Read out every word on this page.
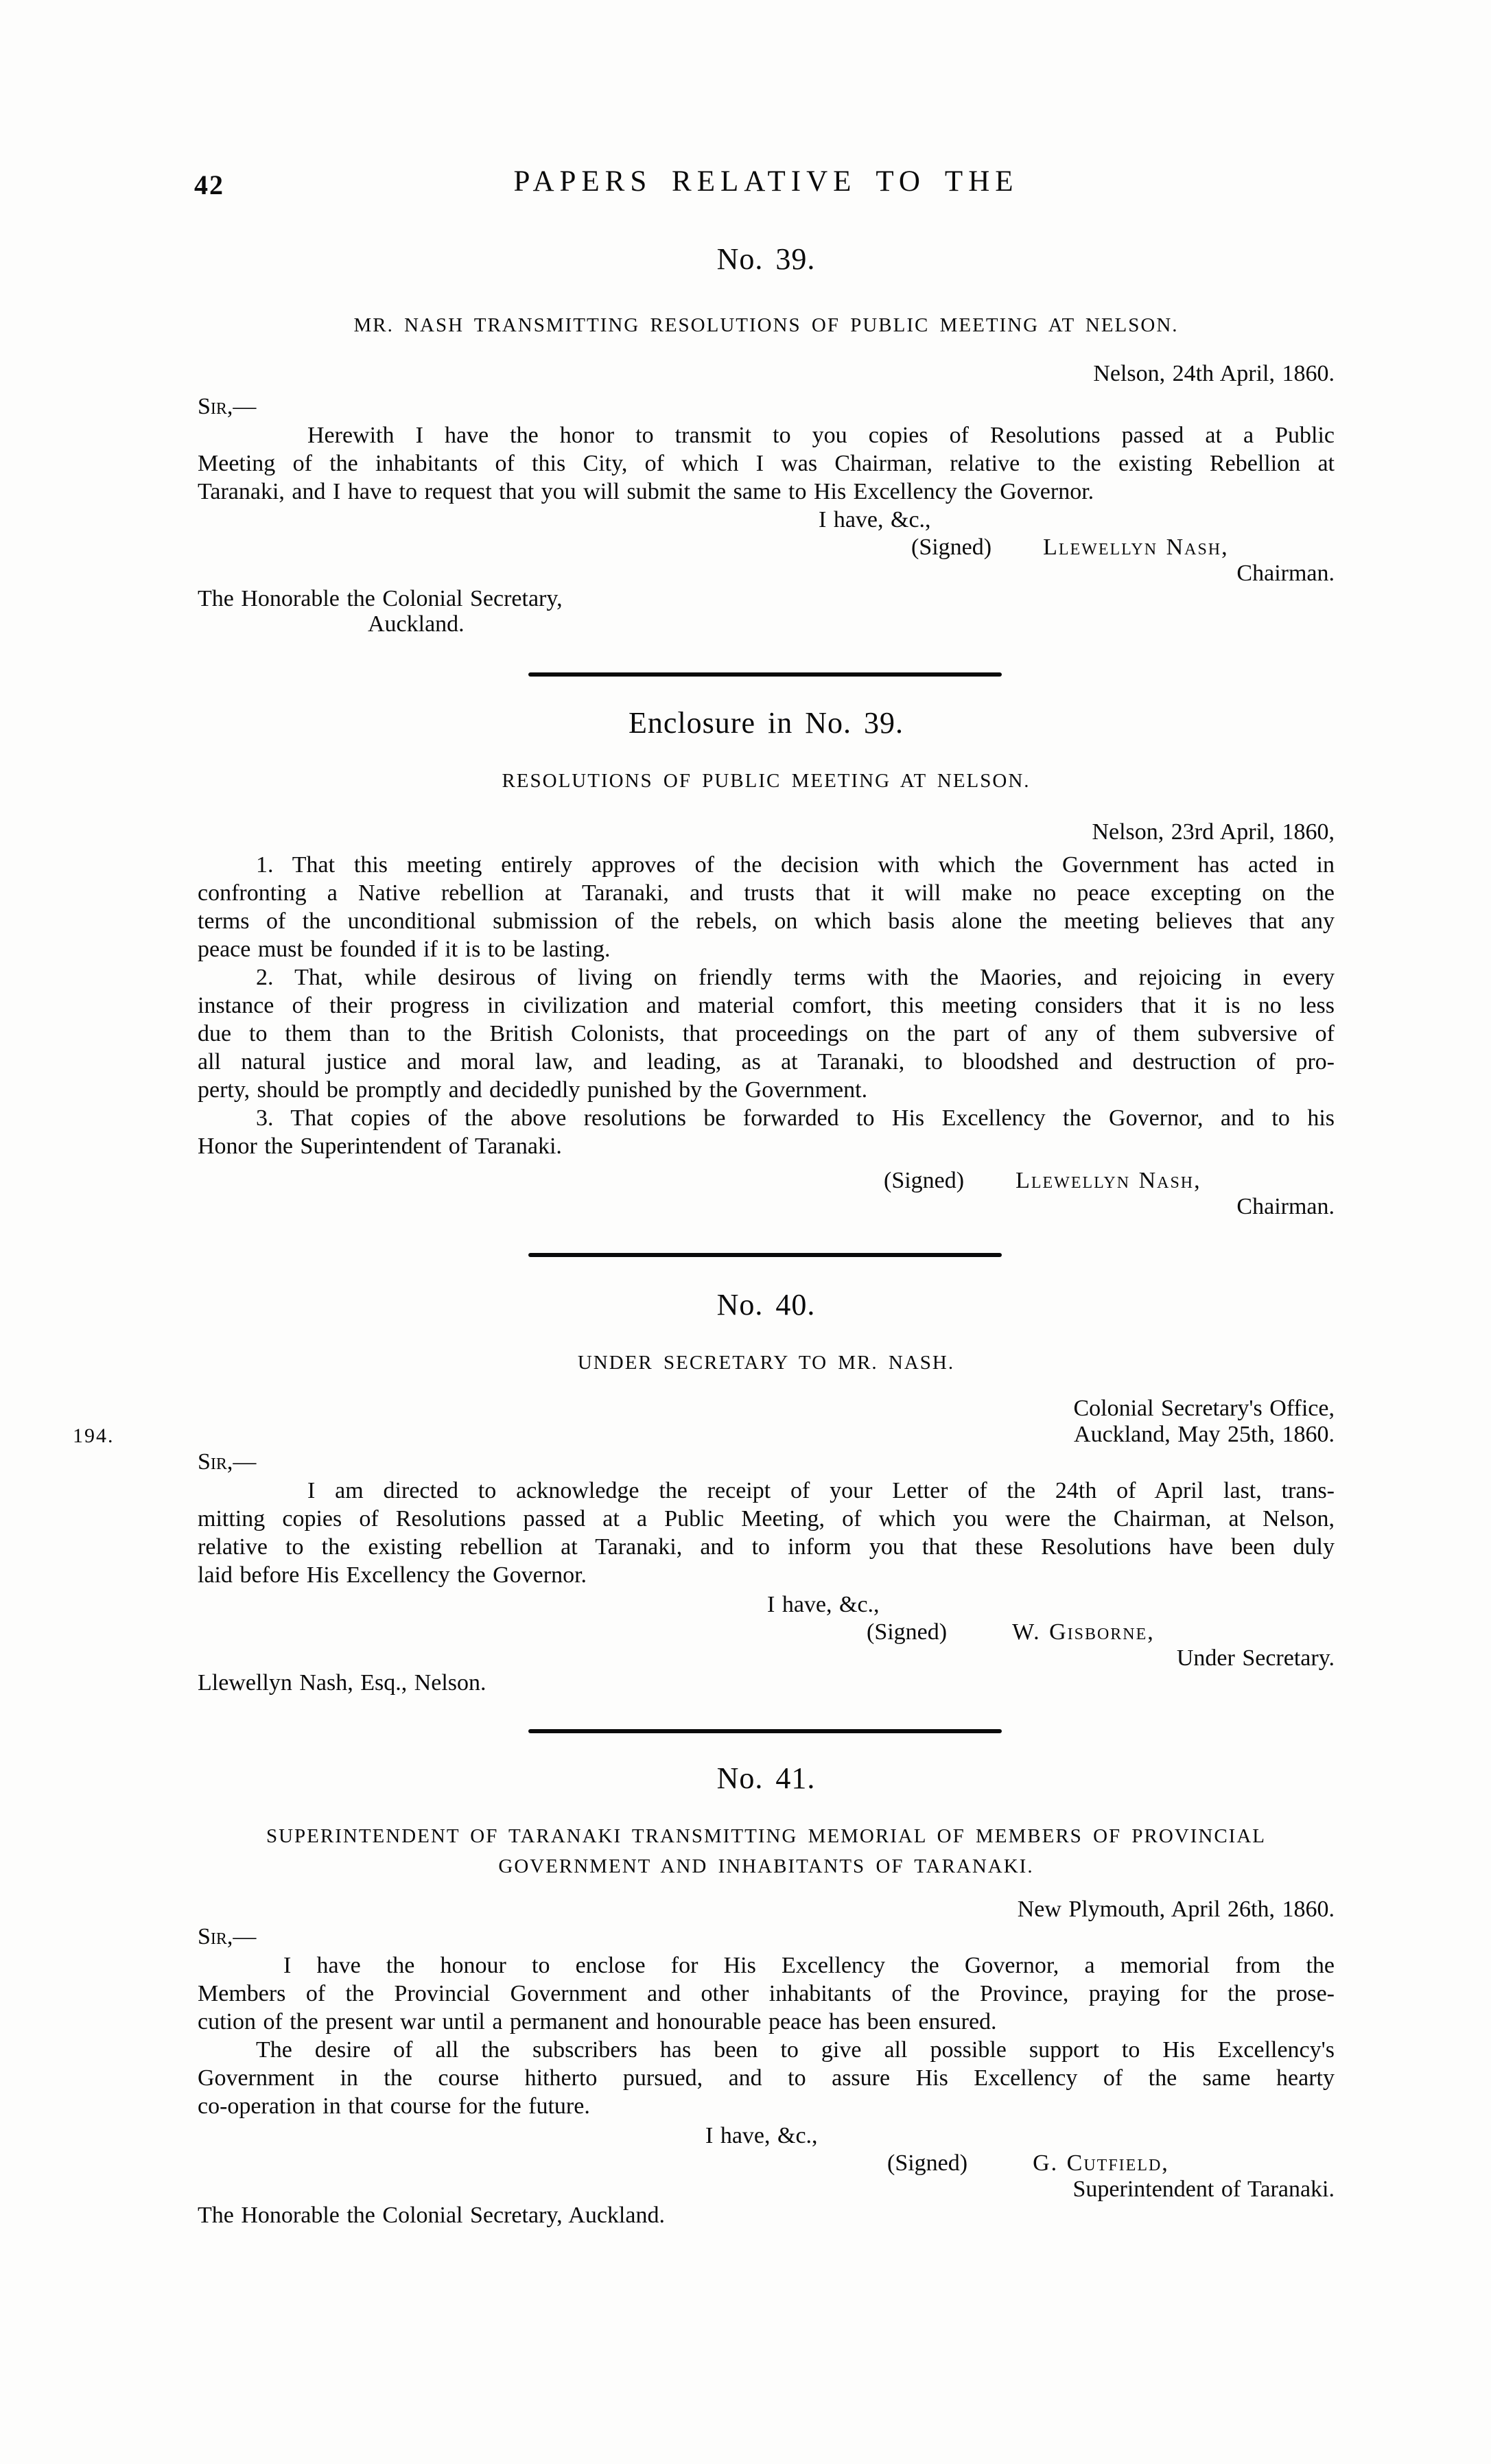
42	PAPERS RELATIVE TO THE
No. 39.
MR. NASH TRANSMITTING RESOLUTIONS OF PUBLIC MEETING AT NELSON.
Nelson, 24th April, 1860.
Sir,—
Herewith I have the honor to transmit to you copies of Resolutions passed at a Public
Meeting of the inhabitants of this City, of which I was Chairman, relative to the existing Rebellion at
Taranaki, and I have to request that you will submit the same to His Excellency the Governor.
I have, &c.,
(Signed) Llewellyn Nash,
Chairman.
The Honorable the Colonial Secretary,
Auckland.
Enclosure in No. 39.
RESOLUTIONS OF PUBLIC MEETING AT NELSON.
Nelson, 23rd April, 1860,
1. That this meeting entirely approves of the decision with which the Government has acted in
confronting a Native rebellion at Taranaki, and trusts that it will make no peace excepting on the
terms of the unconditional submission of the rebels, on which basis alone the meeting believes that any
peace must be founded if it is to be lasting.
2. That, while desirous of living on friendly terms with the Maories, and rejoicing in every
instance of their progress in civilization and material comfort, this meeting considers that it is no less
due to them than to the British Colonists, that proceedings on the part of any of them subversive of
all natural justice and moral law, and leading, as at Taranaki, to bloodshed and destruction of pro-
perty, should be promptly and decidedly punished by the Government.
3. That copies of the above resolutions be forwarded to His Excellency the Governor, and to his
Honor the Superintendent of Taranaki.
(Signed) Llewellyn Nash,
Chairman.
No. 40.
UNDER SECRETARY TO MR. NASH.
Colonial Secretary's Office,
Auckland, May 25th, 1860.
194.
Sir,—
I am directed to acknowledge the receipt of your Letter of the 24th of April last, trans-
mitting copies of Resolutions passed at a Public Meeting, of which you were the Chairman, at Nelson,
relative to the existing rebellion at Taranaki, and to inform you that these Resolutions have been duly
laid before His Excellency the Governor.
I have, &c.,
(Signed)	W. Gisborne,
Under Secretary.
Llewellyn Nash, Esq., Nelson.
No. 41.
SUPERINTENDENT OF TARANAKI TRANSMITTING MEMORIAL OF MEMBERS OF PROVINCIAL
GOVERNMENT AND INHABITANTS OF TARANAKI.
New Plymouth, April 26th, 1860.
Sir,—
I have the honour to enclose for His Excellency the Governor, a memorial from the
Members of the Provincial Government and other inhabitants of the Province, praying for the prose-
cution of the present war until a permanent and honourable peace has been ensured.
The desire of all the subscribers has been to give all possible support to His Excellency's
Government in the course hitherto pursued, and to assure His Excellency of the same hearty
co-operation in that course for the future.
I have, &c.,
(Signed)	G. Cutfield,
Superintendent of Taranaki.
The Honorable the Colonial Secretary, Auckland.
